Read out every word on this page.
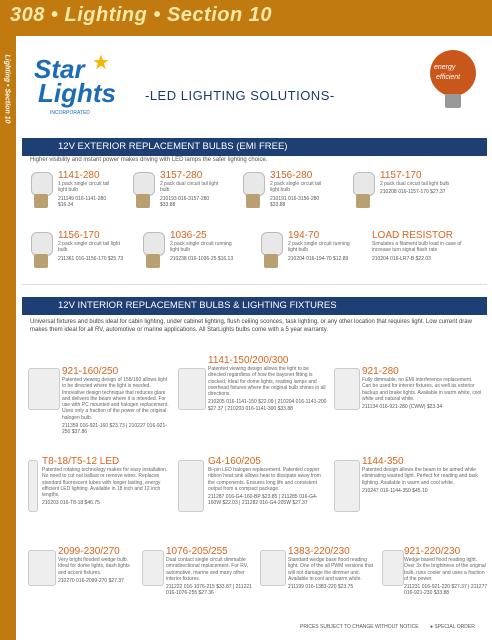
308 • Lighting • Section 10
Lighting • Section 10	★
Star
Lights
INCORPORATED
-LED LIGHTING SOLUTIONS-
energy
efficient
12V EXTERIOR REPLACEMENT BULBS (EMI FREE)
Higher visibility and instant power makes driving with LED lamps the safer lighting choice.
1141-280
1 pack single circuit tail light bulb
211149 016-1141-280 $16.34
3157-280
2 pack dual circuit tail light bulb
210193 016-3157-280 $33.88
3156-280
2 pack single circuit tail light bulb
210191 016-3156-280 $33.88
1157-170
2 pack dual circuit tail light bulb
210208 016-1157-170 $27.37
1156-170
2 pack single circuit tail light bulb
211361 016-1156-170 $25.73
1036-25
2 pack single circuit running light bulb
210238 016-1036-25 $16.13
194-70
2 pack single circuit running light bulb
210204 016-194-70 $12.89
LOAD RESISTOR
Simulates a filament bulb load in case of increase turn signal flash rate
210204 016-LR7-B $22.03
12V INTERIOR REPLACEMENT BULBS & LIGHTING FIXTURES
Universal fixtures and bulbs ideal for cabin lighting, under cabinet lighting, flush ceiling sconces, task lighting, or any other location that requires light. Low current draw makes them ideal for all RV, automotive or marine applications. All StarLights bulbs come with a 5 year warranty.
921-160/250
Patented viewing design of 158/160 allows light to be directed where the light is needed. Innovative design technique that reduces glare and delivers the beam where it is intended. For use with PC mounted and halogen replacement. Uses only a fraction of the power of the original halogen bulb.
211359 016-921-160 $23.73 | 210227 016-921-250 $37.86
1141-150/200/300
Patented viewing design allows the light to be directed regardless of how the bayonet fitting is clocked. Ideal for dome lights, reading lamps and overhead fixtures where the original bulb shines in all directions.
210205 016-1141-150 $22.09 | 210204 016-1141-200 $27.37 | 210203 016-1141-300 $33.88
921-280
Fully dimmable, no EMI interference replacement. Can be used for interior fixtures, as well as exterior backup and brake lights. Available in warm white, cool white and natural white.
211134 016-921-280 (CWW) $23.34
T8-18/T5-12 LED
Patented rotating technology makes for easy installation. No need to cut out ballast or remove wires. Replaces standard fluorescent tubes with longer lasting, energy efficient LED lighting. Available in 18 inch and 12 inch lengths.
210203 016-T8-18 $46.75
G4-160/205
Bi-pin LED halogen replacement. Patented copper ribbon heat sink allows heat to dissipate away from the components. Ensures long life and consistent output from a compact package.
211287 016-G4-160-BP $23.85 | 211285 016-G4-160W $22.03 | 211282 016-G4-205W $27.37
1144-350
Patented design allows the beam to be aimed while eliminating wasted light. Perfect for reading and task lighting. Available in warm and cool white.
210247 016-1144-350 $45.10
2099-230/270
Very bright flooded wedge bulb. Ideal for dome lights, dash lights and accent fixtures.
210270 016-2099-270 $27.37
1076-205/255
Dual contact single circuit dimmable omnidirectional replacement. For RV, automotive, marine and many other interior fixtures.
211222 016-1076-215 $33.87 | 211221 016-1076-255 $27.36
1383-220/230
Standard wedge base flood reading light. One of the all PWM versions that will not damage the dimmer unit. Available in cool and warm white.
211199 016-1383-220 $23.75
921-220/230
Wedge based flood reading light. Over 3x the brightness of the original bulb, runs cooler and uses a fraction of the power.
211231 016-921-220 $27.37 | 211277 016-921-230 $33.88
PRICES SUBJECT TO CHANGE WITHOUT NOTICE ● SPECIAL ORDER
